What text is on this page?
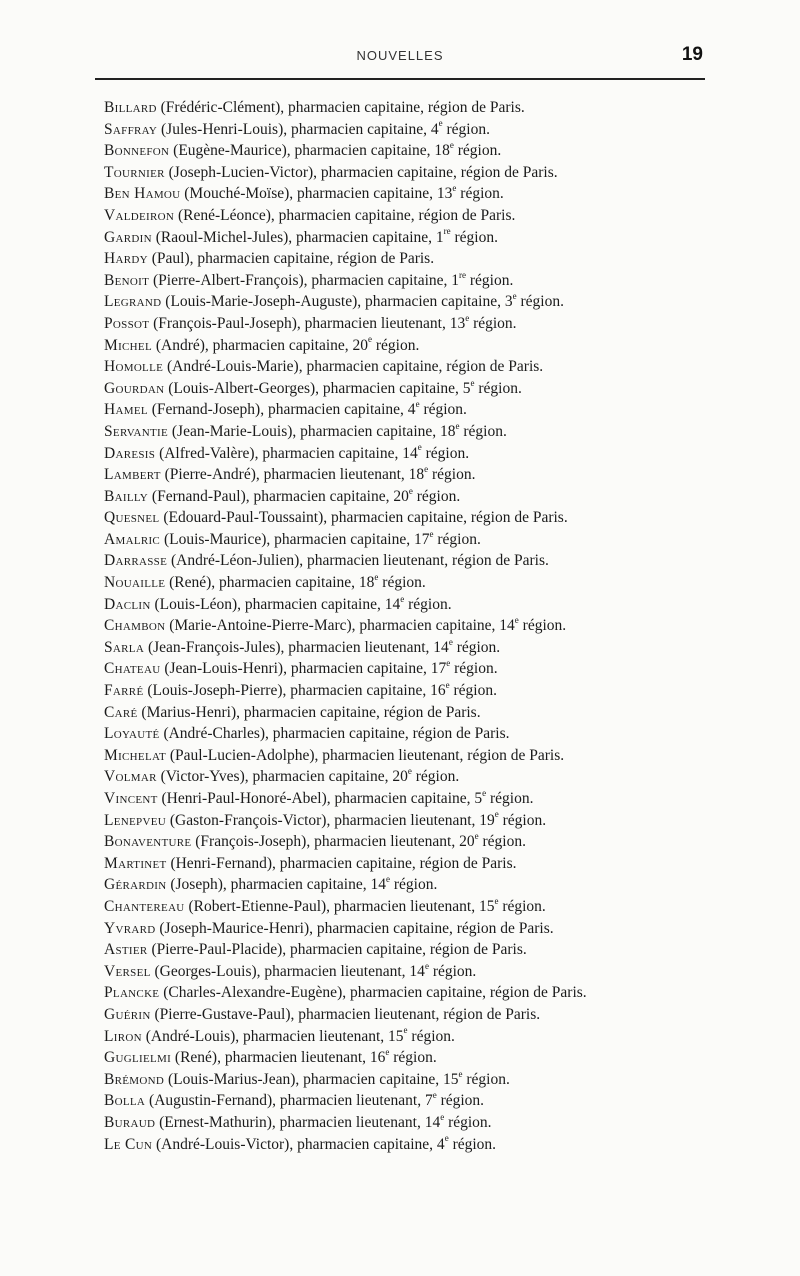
NOUVELLES	19
Billard (Frédéric-Clément), pharmacien capitaine, région de Paris.
Saffray (Jules-Henri-Louis), pharmacien capitaine, 4e région.
Bonnefon (Eugène-Maurice), pharmacien capitaine, 18e région.
Tournier (Joseph-Lucien-Victor), pharmacien capitaine, région de Paris.
Ben Hamou (Mouché-Moïse), pharmacien capitaine, 13e région.
Valdeiron (René-Léonce), pharmacien capitaine, région de Paris.
Gardin (Raoul-Michel-Jules), pharmacien capitaine, 1re région.
Hardy (Paul), pharmacien capitaine, région de Paris.
Benoit (Pierre-Albert-François), pharmacien capitaine, 1re région.
Legrand (Louis-Marie-Joseph-Auguste), pharmacien capitaine, 3e région.
Possot (François-Paul-Joseph), pharmacien lieutenant, 13e région.
Michel (André), pharmacien capitaine, 20e région.
Homolle (André-Louis-Marie), pharmacien capitaine, région de Paris.
Gourdan (Louis-Albert-Georges), pharmacien capitaine, 5e région.
Hamel (Fernand-Joseph), pharmacien capitaine, 4e région.
Servantie (Jean-Marie-Louis), pharmacien capitaine, 18e région.
Daresis (Alfred-Valère), pharmacien capitaine, 14e région.
Lambert (Pierre-André), pharmacien lieutenant, 18e région.
Bailly (Fernand-Paul), pharmacien capitaine, 20e région.
Quesnel (Edouard-Paul-Toussaint), pharmacien capitaine, région de Paris.
Amalric (Louis-Maurice), pharmacien capitaine, 17e région.
Darrasse (André-Léon-Julien), pharmacien lieutenant, région de Paris.
Nouaille (René), pharmacien capitaine, 18e région.
Daclin (Louis-Léon), pharmacien capitaine, 14e région.
Chambon (Marie-Antoine-Pierre-Marc), pharmacien capitaine, 14e région.
Sarla (Jean-François-Jules), pharmacien lieutenant, 14e région.
Chateau (Jean-Louis-Henri), pharmacien capitaine, 17e région.
Farré (Louis-Joseph-Pierre), pharmacien capitaine, 16e région.
Caré (Marius-Henri), pharmacien capitaine, région de Paris.
Loyauté (André-Charles), pharmacien capitaine, région de Paris.
Michelat (Paul-Lucien-Adolphe), pharmacien lieutenant, région de Paris.
Volmar (Victor-Yves), pharmacien capitaine, 20e région.
Vincent (Henri-Paul-Honoré-Abel), pharmacien capitaine, 5e région.
Lenepveu (Gaston-François-Victor), pharmacien lieutenant, 19e région.
Bonaventure (François-Joseph), pharmacien lieutenant, 20e région.
Martinet (Henri-Fernand), pharmacien capitaine, région de Paris.
Gérardin (Joseph), pharmacien capitaine, 14e région.
Chantereau (Robert-Etienne-Paul), pharmacien lieutenant, 15e région.
Yvrard (Joseph-Maurice-Henri), pharmacien capitaine, région de Paris.
Astier (Pierre-Paul-Placide), pharmacien capitaine, région de Paris.
Versel (Georges-Louis), pharmacien lieutenant, 14e région.
Plancke (Charles-Alexandre-Eugène), pharmacien capitaine, région de Paris.
Guérin (Pierre-Gustave-Paul), pharmacien lieutenant, région de Paris.
Liron (André-Louis), pharmacien lieutenant, 15e région.
Guglielmi (René), pharmacien lieutenant, 16e région.
Brémond (Louis-Marius-Jean), pharmacien capitaine, 15e région.
Bolla (Augustin-Fernand), pharmacien lieutenant, 7e région.
Buraud (Ernest-Mathurin), pharmacien lieutenant, 14e région.
Le Cun (André-Louis-Victor), pharmacien capitaine, 4e région.
